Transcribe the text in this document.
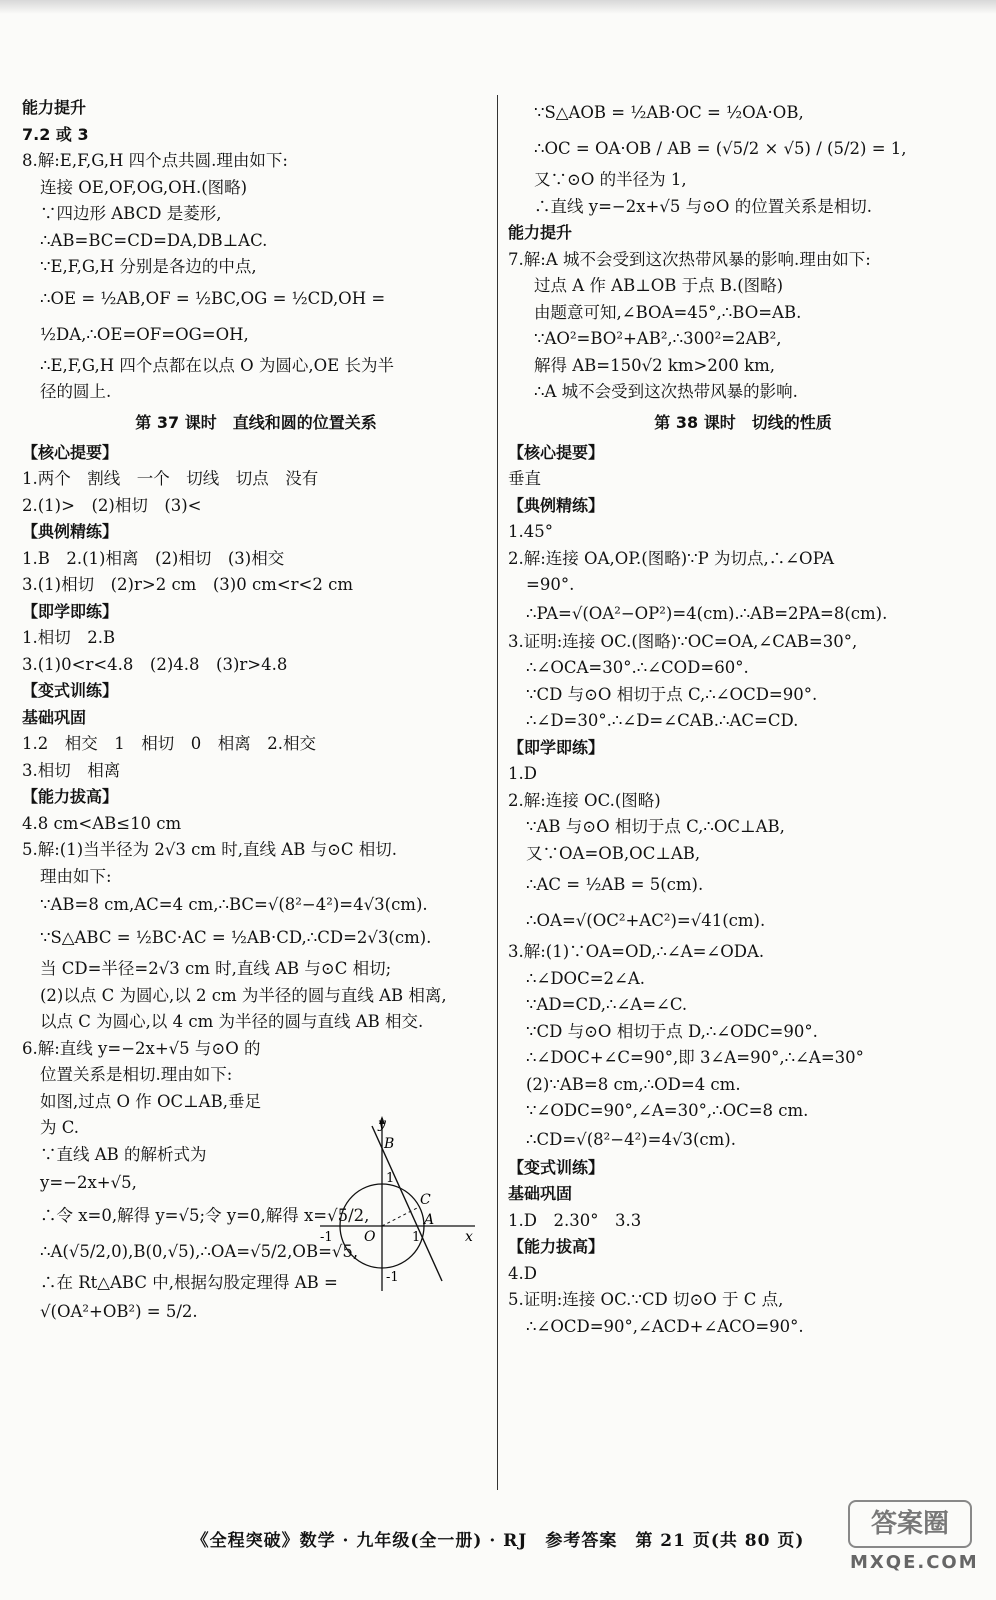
能力提升
7.2 或 3
8.解:E,F,G,H 四个点共圆.理由如下:
连接 OE,OF,OG,OH.(图略)
∵四边形 ABCD 是菱形,
∴AB=BC=CD=DA,DB⊥AC.
∵E,F,G,H 分别是各边的中点,
∴OE = ½AB,OF = ½BC,OG = ½CD,OH =
½DA,∴OE=OF=OG=OH,
∴E,F,G,H 四个点都在以点 O 为圆心,OE 长为半
径的圆上.
第 37 课时　直线和圆的位置关系
【核心提要】
1.两个　割线　一个　切线　切点　没有
2.(1)>　(2)相切　(3)<
【典例精练】
1.B　2.(1)相离　(2)相切　(3)相交
3.(1)相切　(2)r>2 cm　(3)0 cm<r<2 cm
【即学即练】
1.相切　2.B
3.(1)0<r<4.8　(2)4.8　(3)r>4.8
【变式训练】
基础巩固
1.2　相交　1　相切　0　相离　2.相交
3.相切　相离
【能力拔高】
4.8 cm<AB≤10 cm
5.解:(1)当半径为 2√3 cm 时,直线 AB 与⊙C 相切.
理由如下:
∵AB=8 cm,AC=4 cm,∴BC=√(8²−4²)=4√3(cm).
∵S△ABC = ½BC·AC = ½AB·CD,∴CD=2√3(cm).
当 CD=半径=2√3 cm 时,直线 AB 与⊙C 相切;
(2)以点 C 为圆心,以 2 cm 为半径的圆与直线 AB 相离,
以点 C 为圆心,以 4 cm 为半径的圆与直线 AB 相交.
6.解:直线 y=−2x+√5 与⊙O 的
位置关系是相切.理由如下:
如图,过点 O 作 OC⊥AB,垂足
为 C.
∵直线 AB 的解析式为
y=−2x+√5,
∴令 x=0,解得 y=√5;令 y=0,解得 x=√5/2,
∴A(√5/2,0),B(0,√5),∴OA=√5/2,OB=√5,
∴在 Rt△ABC 中,根据勾股定理得 AB =
√(OA²+OB²) = 5/2.
∵S△AOB = ½AB·OC = ½OA·OB,
∴OC = OA·OB / AB = (√5/2 × √5) / (5/2) = 1,
又∵⊙O 的半径为 1,
∴直线 y=−2x+√5 与⊙O 的位置关系是相切.
能力提升
7.解:A 城不会受到这次热带风暴的影响.理由如下:
过点 A 作 AB⊥OB 于点 B.(图略)
由题意可知,∠BOA=45°,∴BO=AB.
∵AO²=BO²+AB²,∴300²=2AB²,
解得 AB=150√2 km>200 km,
∴A 城不会受到这次热带风暴的影响.
第 38 课时　切线的性质
【核心提要】
垂直
【典例精练】
1.45°
2.解:连接 OA,OP.(图略)∵P 为切点,∴∠OPA
=90°.
∴PA=√(OA²−OP²)=4(cm).∴AB=2PA=8(cm).
3.证明:连接 OC.(图略)∵OC=OA,∠CAB=30°,
∴∠OCA=30°.∴∠COD=60°.
∵CD 与⊙O 相切于点 C,∴∠OCD=90°.
∴∠D=30°.∴∠D=∠CAB.∴AC=CD.
【即学即练】
1.D
2.解:连接 OC.(图略)
∵AB 与⊙O 相切于点 C,∴OC⊥AB,
又∵OA=OB,OC⊥AB,
∴AC = ½AB = 5(cm).
∴OA=√(OC²+AC²)=√41(cm).
3.解:(1)∵OA=OD,∴∠A=∠ODA.
∴∠DOC=2∠A.
∵AD=CD,∴∠A=∠C.
∵CD 与⊙O 相切于点 D,∴∠ODC=90°.
∴∠DOC+∠C=90°,即 3∠A=90°,∴∠A=30°
(2)∵AB=8 cm,∴OD=4 cm.
∵∠ODC=90°,∠A=30°,∴OC=8 cm.
∴CD=√(8²−4²)=4√3(cm).
【变式训练】
基础巩固
1.D　2.30°　3.3
【能力拔高】
4.D
5.证明:连接 OC.∵CD 切⊙O 于 C 点,
∴∠OCD=90°,∠ACD+∠ACO=90°.
y
x
B
C
A
O
1
1
-1
-1
《全程突破》数学 · 九年级(全一册) · RJ　参考答案　第 21 页(共 80 页)
答案圈
MXQE.COM
